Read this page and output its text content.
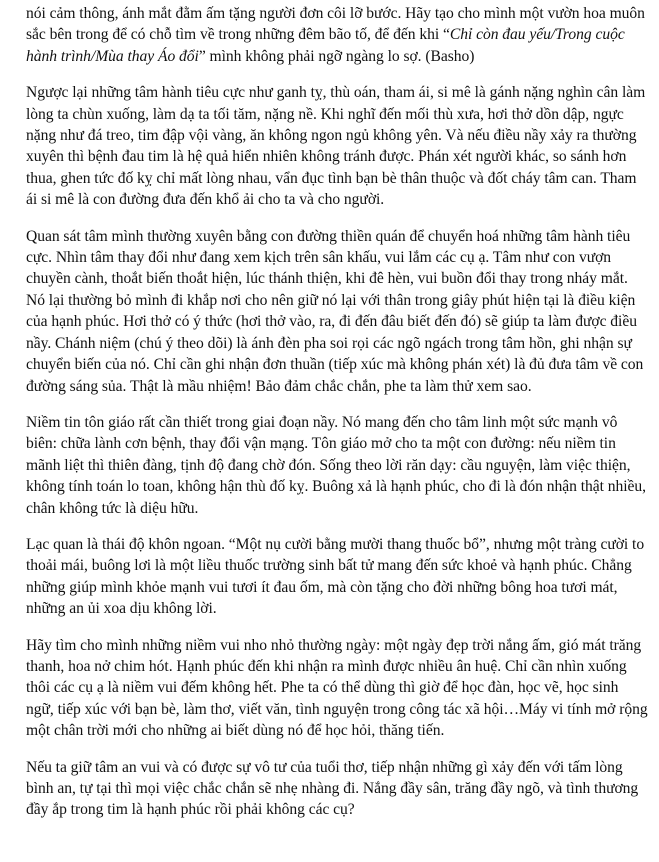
nói cảm thông, ánh mắt đằm ấm tặng người đơn côi lỡ bước. Hãy tạo cho mình một vườn hoa muôn sắc bên trong để có chỗ tìm về trong những đêm bão tố, để đến khi “Chỉ còn đau yếu/Trong cuộc hành trình/Mùa thay Áo đổi” mình không phải ngỡ ngàng lo sợ. (Basho)

Ngược lại những tâm hành tiêu cực như ganh tỵ, thù oán, tham ái, si mê là gánh nặng nghìn cân làm lòng ta chùn xuống, làm dạ ta tối tăm, nặng nề. Khi nghĩ đến mối thù xưa, hơi thở dồn dập, ngực nặng như đá treo, tim đập vội vàng, ăn không ngon ngủ không yên. Và nếu điều nầy xảy ra thường xuyên thì bệnh đau tim là hệ quả hiển nhiên không tránh được. Phán xét người khác, so sánh hơn thua, ghen tức đố kỵ chỉ mất lòng nhau, vẩn đục tình bạn bè thân thuộc và đốt cháy tâm can. Tham ái si mê là con đường đưa đến khổ ải cho ta và cho người.

Quan sát tâm mình thường xuyên bằng con đường thiền quán để chuyển hoá những tâm hành tiêu cực. Nhìn tâm thay đổi như đang xem kịch trên sân khấu, vui lắm các cụ ạ. Tâm như con vượn chuyền cành, thoắt biến thoắt hiện, lúc thánh thiện, khi đê hèn, vui buồn đổi thay trong nháy mắt. Nó lại thường bỏ mình đi khắp nơi cho nên giữ nó lại với thân trong giây phút hiện tại là điều kiện của hạnh phúc. Hơi thở có ý thức (hơi thở vào, ra, đi đến đâu biết đến đó) sẽ giúp ta làm được điều nầy. Chánh niệm (chú ý theo dõi) là ánh đèn pha soi rọi các ngõ ngách trong tâm hồn, ghi nhận sự chuyển biến của nó. Chỉ cần ghi nhận đơn thuần (tiếp xúc mà không phán xét) là đủ đưa tâm về con đường sáng sủa. Thật là mầu nhiệm! Bảo đảm chắc chắn, phe ta làm thử xem sao.

Niềm tin tôn giáo rất cần thiết trong giai đoạn nầy. Nó mang đến cho tâm linh một sức mạnh vô biên: chữa lành cơn bệnh, thay đổi vận mạng. Tôn giáo mở cho ta một con đường: nếu niềm tin mãnh liệt thì thiên đàng, tịnh độ đang chờ đón. Sống theo lời răn dạy: cầu nguyện, làm việc thiện, không tính toán lo toan, không hận thù đố kỵ. Buông xả là hạnh phúc, cho đi là đón nhận thật nhiều, chân không tức là diệu hữu.

Lạc quan là thái độ khôn ngoan. “Một nụ cười bằng mười thang thuốc bổ”, nhưng một tràng cười to thoải mái, buông lơi là một liều thuốc trường sinh bất tử mang đến sức khoẻ và hạnh phúc. Chẳng những giúp mình khỏe mạnh vui tươi ít đau ốm, mà còn tặng cho đời những bông hoa tươi mát, những an ủi xoa dịu không lời.

Hãy tìm cho mình những niềm vui nho nhỏ thường ngày: một ngày đẹp trời nắng ấm, gió mát trăng thanh, hoa nở chim hót. Hạnh phúc đến khi nhận ra mình được nhiều ân huệ. Chỉ cần nhìn xuống thôi các cụ ạ là niềm vui đếm không hết. Phe ta có thể dùng thì giờ để học đàn, học vẽ, học sinh ngữ, tiếp xúc với bạn bè, làm thơ, viết văn, tình nguyện trong công tác xã hội…Máy vi tính mở rộng một chân trời mới cho những ai biết dùng nó để học hỏi, thăng tiến.

Nếu ta giữ tâm an vui và có được sự vô tư của tuổi thơ, tiếp nhận những gì xảy đến với tấm lòng bình an, tự tại thì mọi việc chắc chắn sẽ nhẹ nhàng đi. Nắng đầy sân, trăng đầy ngõ, và tình thương đầy ắp trong tim là hạnh phúc rồi phải không các cụ?
